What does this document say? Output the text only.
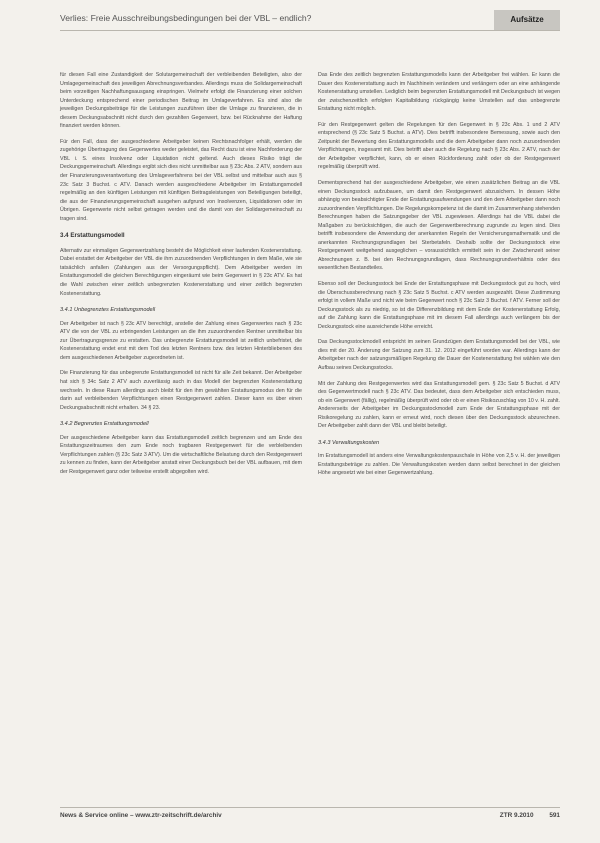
Verlies: Freie Ausschreibungsbedingungen bei der VBL – endlich?	Aufsätze

für diesen Fall eine Zustandigkeit der Solutargemeinschaft der verbleibenden Beteiligten, also der Umlagegemeinschaft des jeweiligen Abrechnungsverbandes. Allerdings muss die Solidargemeinschaft beim vorzeitigen Nachhaftungsausgang einspringen. Vielmehr erfolgt die Finanzierung einer solchen Unterdeckung entsprechend einer periodischen Beitrag im Umlageverfahren. Es sind also die jeweiligen Deckungsbeiträge für die Leistungen zuzuführen über die Umlage zu finanzieren, die in diesem Deckungsabschnitt nicht durch den gezahlten Gegenwert, bzw. bei Rücknahme der Haftung finanziert werden können.

Für den Fall, dass der ausgeschiedene Arbeitgeber keinen Rechtsnachfolger erhält, werden die zugehörige Übertragung des Gegenwertes weder geleistet, das Recht dazu ist eine Nachforderung der VBL i. S. eines Insolvenz oder Liquidation nicht geltend. Auch dieses Risiko trägt die Deckungsgemeinschaft. Allerdings ergibt sich dies nicht unmittelbar aus § 23c Abs. 2 ATV, sondern aus der Finanzierungsverantwortung des Umlageverfahrens bei der VBL selbst und mittelbar auch aus § 23c Satz 3 Buchst. c ATV. Danach werden ausgeschiedene Arbeitgeber im Erstattungsmodell regelmäßig an den künftigen Leistungen mit künftigen Beitragsleistungen von Beteiligungen beteiligt, die aus der Finanzierungsgemeinschaft ausgehen aufgrund von Insolvenzen, Liquidationen oder im Übrigen. Gegenwerte nicht selbst getragen werden und die damit von der Solidargemeinschaft zu tragen sind.

3.4 Erstattungsmodell

Alternativ zur einmaligen Gegenwertzahlung besteht die Möglichkeit einer laufenden Kostenerstattung. Dabei erstattet der Arbeitgeber der VBL die ihm zuzuordnenden Verpflichtungen in dem Maße, wie sie tatsächlich anfallen (Zahlungen aus der Versorgungspflicht). Dem Arbeitgeber werden im Erstattungsmodell die gleichen Berechtigungen eingeräumt wie beim Gegenwert in § 23c ATV. Es hat die Wahl zwischen einer zeitlich unbegrenzten Kostenerstattung und einer zeitlich begrenzten Kostenerstattung.

3.4.1 Unbegrenztes Erstattungsmodell

Der Arbeitgeber ist nach § 23c ATV berechtigt, anstelle der Zahlung eines Gegenwertes nach § 23c ATV die von der VBL zu erbringenden Leistungen an die ihm zuzuordnenden Rentner unmittelbar bis zur Übertragungsgrenze zu erstatten. Das unbegrenzte Erstattungsmodell ist zeitlich unbefristet, die Kostenerstattung endet erst mit dem Tod des letzten Rentners bzw. des letzten Hinterbliebenen des dem ausgeschiedenen Arbeitgeber zugeordneten ist.

Die Finanzierung für das unbegrenzte Erstattungsmodell ist nicht für alle Zeit bekannt. Der Arbeitgeber hat sich § 34c Satz 2 ATV auch zuverlässig auch in das Modell der begrenzten Kostenerstattung wechseln. In diese Raum allerdings auch bleibt für den ihm gewählten Erstattungsmodus den für die darin auf verbleibenden Verpflichtungen einen Restgegenwert zahlen. Dieser kann es über einen Deckungsabschnitt nicht erhalten. 34 § 23.

3.4.2 Begrenztes Erstattungsmodell

Der ausgeschiedene Arbeitgeber kann das Erstattungsmodell zeitlich begrenzen und am Ende des Erstattungszeitraumes den zum Ende noch tragbaren Restgegenwert für die verbleibenden Verpflichtungen zahlen (§ 23c Satz 3 ATV). Um die wirtschaftliche Belastung durch den Restgegenwert zu kennen zu finden, kann der Arbeitgeber anstatt einer Deckungsbuch bei der VBL aufbauen, mit dem der Restgegenwert ganz oder teilweise erstellt abgegolten wird.

Das Ende des zeitlich begrenzten Erstattungsmodells kann der Arbeitgeber frei wählen. Er kann die Dauer des Kostenerstattung auch im Nachhinein verändern und verlängern oder an eine anhängende Kostenerstattung umstellen. Lediglich beim begrenzten Erstattungsmodell mit Deckungsbuch ist wegen der zwischenzeitlich erfolgten Kapitalbildung rückgängig keine Umstellen auf das unbegrenzte Erstattung nicht möglich.

Für den Restgegenwert gelten die Regelungen für den Gegenwert in § 23c Abs. 1 und 2 ATV entsprechend (§ 23c Satz 5 Buchst. a ATV). Dies betrifft insbesondere Bemessung, sowie auch den Zeitpunkt der Bewertung des Erstattungsmodells und die dem Arbeitgeber dann noch zuzuordnenden Verpflichtungen, insgesamt mit. Dies betrifft aber auch die Regelung nach § 23c Abs. 2 ATV, nach der der Arbeitgeber verpflichtet, kann, ob er einen Rückforderung zahlt oder ob der Restgegenwert regelmäßig überprüft wird.

Dementsprechend hat der ausgeschiedene Arbeitgeber, wie einen zusätzlichen Beitrag an die VBL einen Deckungsstock aufzubauen, um damit den Restgegenwert abzusichern. In dessen Höhe abhängig von beabsichtigter Ende der Erstattungsaufwendungen und den dem Arbeitgeber dann noch zuzuordnenden Verpflichtungen. Die Regelungskompetenz ist die damit im Zusammenhang stehenden Berechnungen haben die Satzungsgeber der VBL zugewiesen. Allerdings hat die VBL dabei die Maßgaben zu berücksichtigen, die auch der Gegenwertberechnung zugrunde zu legen sind. Dies betrifft insbesondere die Anwendung der anerkannten Regeln der Versicherungsmathematik und die anerkannten Rechnungsgrundlagen bei Sterbetafeln. Deshalb sollte der Deckungsstock eine Restgegenwert weitgehend ausgeglichen – voraussichtlich ermittelt sein in der Zwischenzeit seiner Abrechnungen z. B. bei den Rechnungsgrundlagen, dass Rechnungsgrundverhältnis oder des wesentlichen Bestandteiles.

Ebenso soll der Deckungsstock bei Ende der Erstattungsphase mit Deckungsstock gut zu hoch, wird die Überschussberechnung nach § 23c Satz 5 Buchst. c ATV werden ausgezahlt. Diese Zustimmung erfolgt in vollem Maße und nicht wie beim Gegenwert noch § 23c Satz 3 Buchst. f ATV. Ferner soll der Deckungsstock als zu niedrig, so ist die Differenzbildung mit dem Ende der Kostenerstattung Erfolg, auf die Zahlung kann die Erstattungsphase mit im diesem Fall allerdings auch verlängern bis der Deckungsstock eine ausreichende Höhe erreicht.

Das Deckungsstockmodell entspricht im seinen Grundzügen dem Erstattungsmodell bei der VBL, wie dies mit der 20. Änderung der Satzung zum 31. 12. 2012 eingeführt worden war. Allerdings kann der Arbeitgeber nach der satzungsmäßigen Regelung die Dauer der Kostenerstattung frei wählen wie den Aufbau seines Deckungsstocks.

Mit der Zahlung des Restgegenwertes wird das Erstattungsmodell gem. § 23c Satz 5 Buchst. d ATV des Gegenwertmodell nach § 23c ATV. Das bedeutet, dass dem Arbeitgeber sich entschieden muss, ob ein Gegenwert (fällig), regelmäßig überprüft wird oder ob er einen Risikozuschlag von 10 v. H. zahlt. Andererseits der Arbeitgeber im Deckungsstockmodell zum Ende der Erstattungsphase mit der Risikoregelung zu zahlen, kann er erneut wird, noch diesen über den Deckungsstock abzurechnen. Der Arbeitgeber zahlt dann der VBL und bleibt beteiligt.

3.4.3 Verwaltungskosten

Im Erstattungsmodell ist anders eine Verwaltungskostenpauschale in Höhe von 2,5 v. H. der jeweiligen Erstattungsbeträge zu zahlen. Die Verwaltungskosten werden dann selbst berechnet in der gleichen Höhe angesetzt wie bei einer Gegenwertzahlung.

News & Service online – www.ztr-zeitschrift.de/archiv	ZTR 9.2010 591
